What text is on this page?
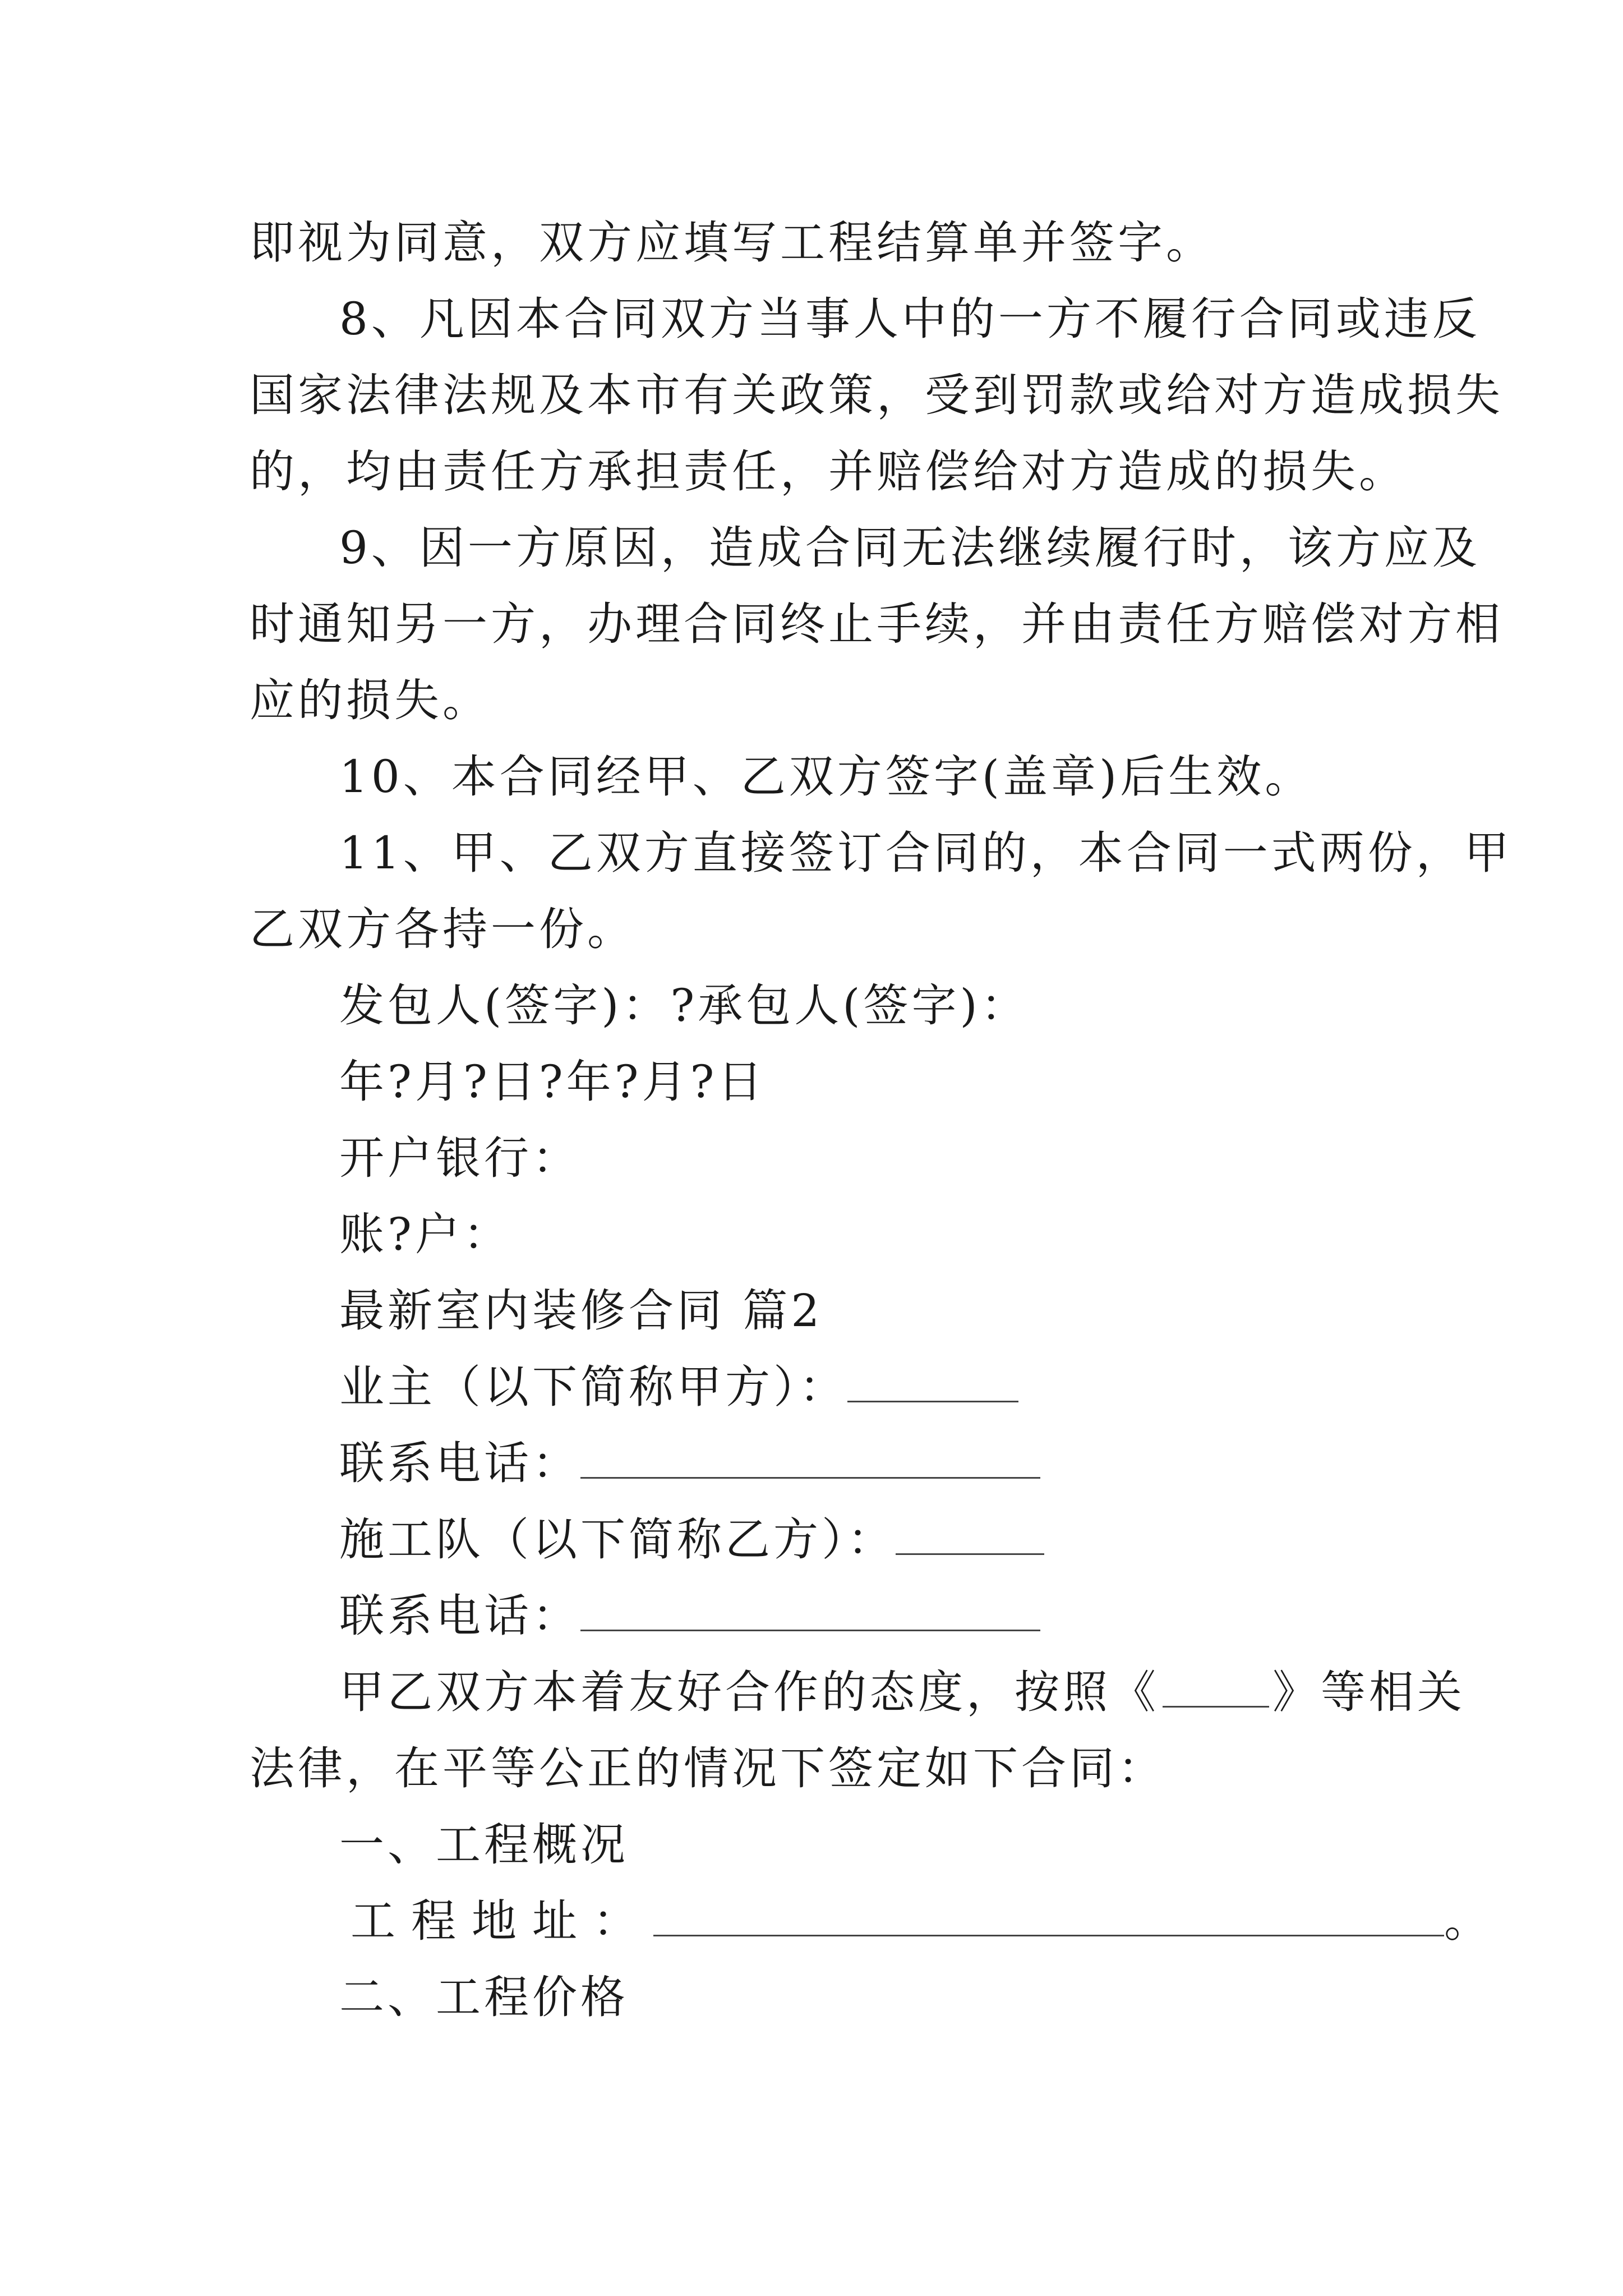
即视为同意，双方应填写工程结算单并签字。

8、凡因本合同双方当事人中的一方不履行合同或违反

国家法律法规及本市有关政策，受到罚款或给对方造成损失

的，均由责任方承担责任，并赔偿给对方造成的损失。

9、因一方原因，造成合同无法继续履行时，该方应及

时通知另一方，办理合同终止手续，并由责任方赔偿对方相

应的损失。

10、本合同经甲、乙双方签字(盖章)后生效。

11、甲、乙双方直接签订合同的，本合同一式两份，甲

乙双方各持一份。

发包人(签字)：?承包人(签字)：

年?月?日?年?月?日

开户银行：

账?户：

最新室内装修合同 篇2

业主（以下简称甲方）：

联系电话：

施工队（以下简称乙方）：

联系电话：

甲乙双方本着友好合作的态度，按照《	》等相关

法律，在平等公正的情况下签定如下合同：

一、工程概况

工程地址：	。

二、工程价格
